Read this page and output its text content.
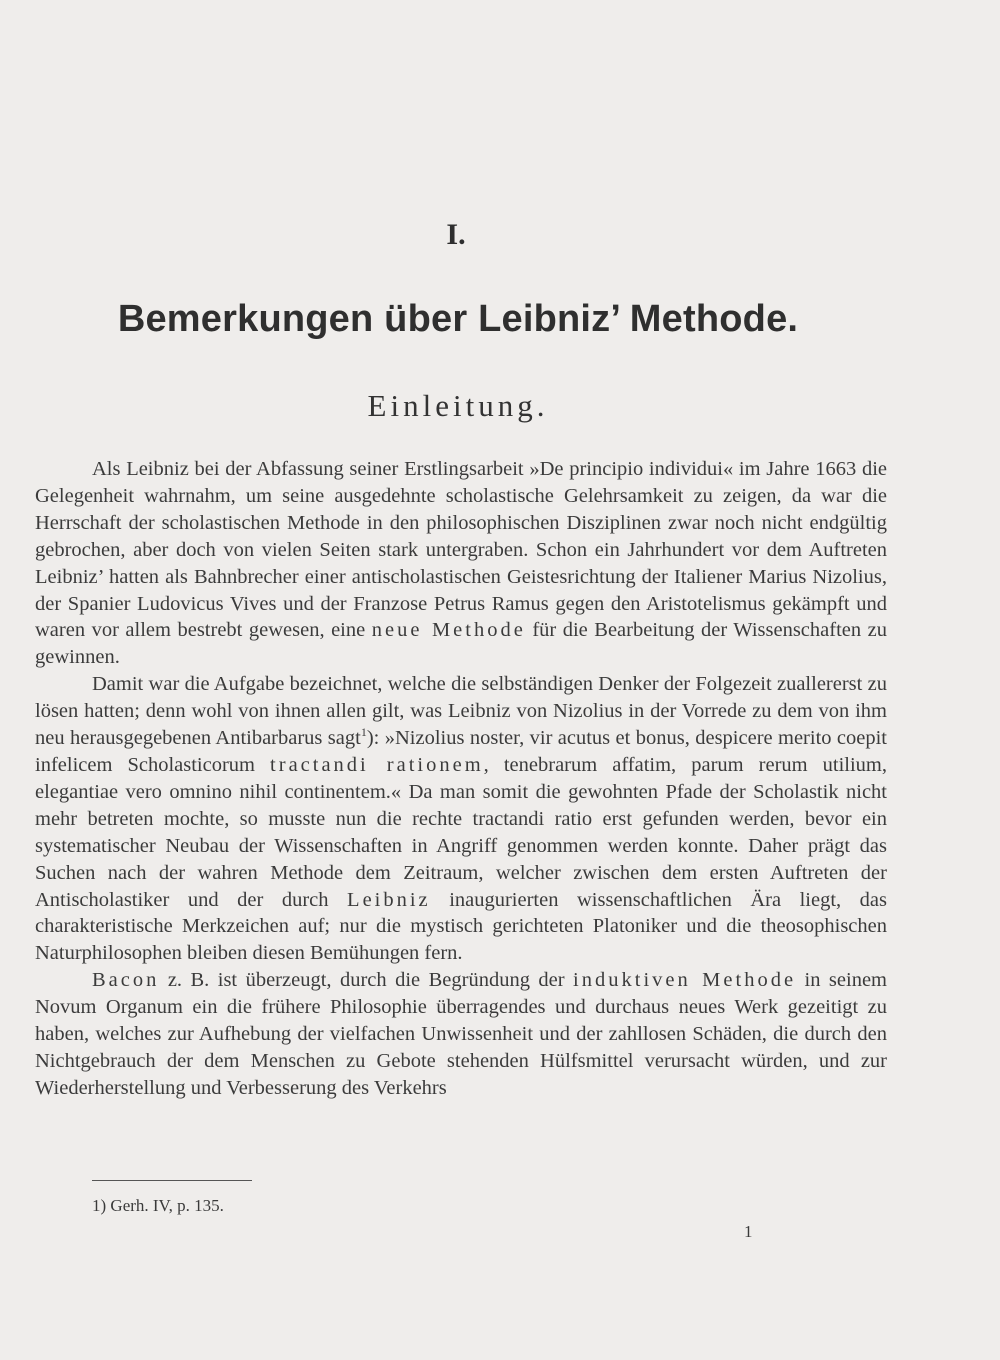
I.
Bemerkungen über Leibniz’ Methode.
Einleitung.

Als Leibniz bei der Abfassung seiner Erstlingsarbeit »De principio individui« im Jahre 1663 die Gelegenheit wahrnahm, um seine ausgedehnte scholastische Gelehrsamkeit zu zeigen, da war die Herrschaft der scholastischen Methode in den philosophischen Disziplinen zwar noch nicht endgültig gebrochen, aber doch von vielen Seiten stark untergraben. Schon ein Jahrhundert vor dem Auftreten Leibniz’ hatten als Bahnbrecher einer antischolastischen Geistesrichtung der Italiener Marius Nizolius, der Spanier Ludovicus Vives und der Franzose Petrus Ramus gegen den Aristotelismus gekämpft und waren vor allem bestrebt gewesen, eine neue Methode für die Bearbeitung der Wissenschaften zu gewinnen.

Damit war die Aufgabe bezeichnet, welche die selbständigen Denker der Folgezeit zuallererst zu lösen hatten; denn wohl von ihnen allen gilt, was Leibniz von Nizolius in der Vorrede zu dem von ihm neu herausgegebenen Antibarbarus sagt$^1$): »Nizolius noster, vir acutus et bonus, despicere merito coepit infelicem Scholasticorum tractandi rationem, tenebrarum affatim, parum rerum utilium, elegantiae vero omnino nihil continentem.« Da man somit die gewohnten Pfade der Scholastik nicht mehr betreten mochte, so musste nun die rechte tractandi ratio erst gefunden werden, bevor ein systematischer Neubau der Wissenschaften in Angriff genommen werden konnte. Daher prägt das Suchen nach der wahren Methode dem Zeitraum, welcher zwischen dem ersten Auftreten der Antischolastiker und der durch Leibniz inaugurierten wissenschaftlichen Ära liegt, das charakteristische Merkzeichen auf; nur die mystisch gerichteten Platoniker und die theosophischen Naturphilosophen bleiben diesen Bemühungen fern.

Bacon z. B. ist überzeugt, durch die Begründung der induktiven Methode in seinem Novum Organum ein die frühere Philosophie überragendes und durchaus neues Werk gezeitigt zu haben, welches zur Aufhebung der vielfachen Unwissenheit und der zahllosen Schäden, die durch den Nichtgebrauch der dem Menschen zu Gebote stehenden Hülfsmittel verursacht würden, und zur Wiederherstellung und Verbesserung des Verkehrs

1) Gerh. IV, p. 135.
1
